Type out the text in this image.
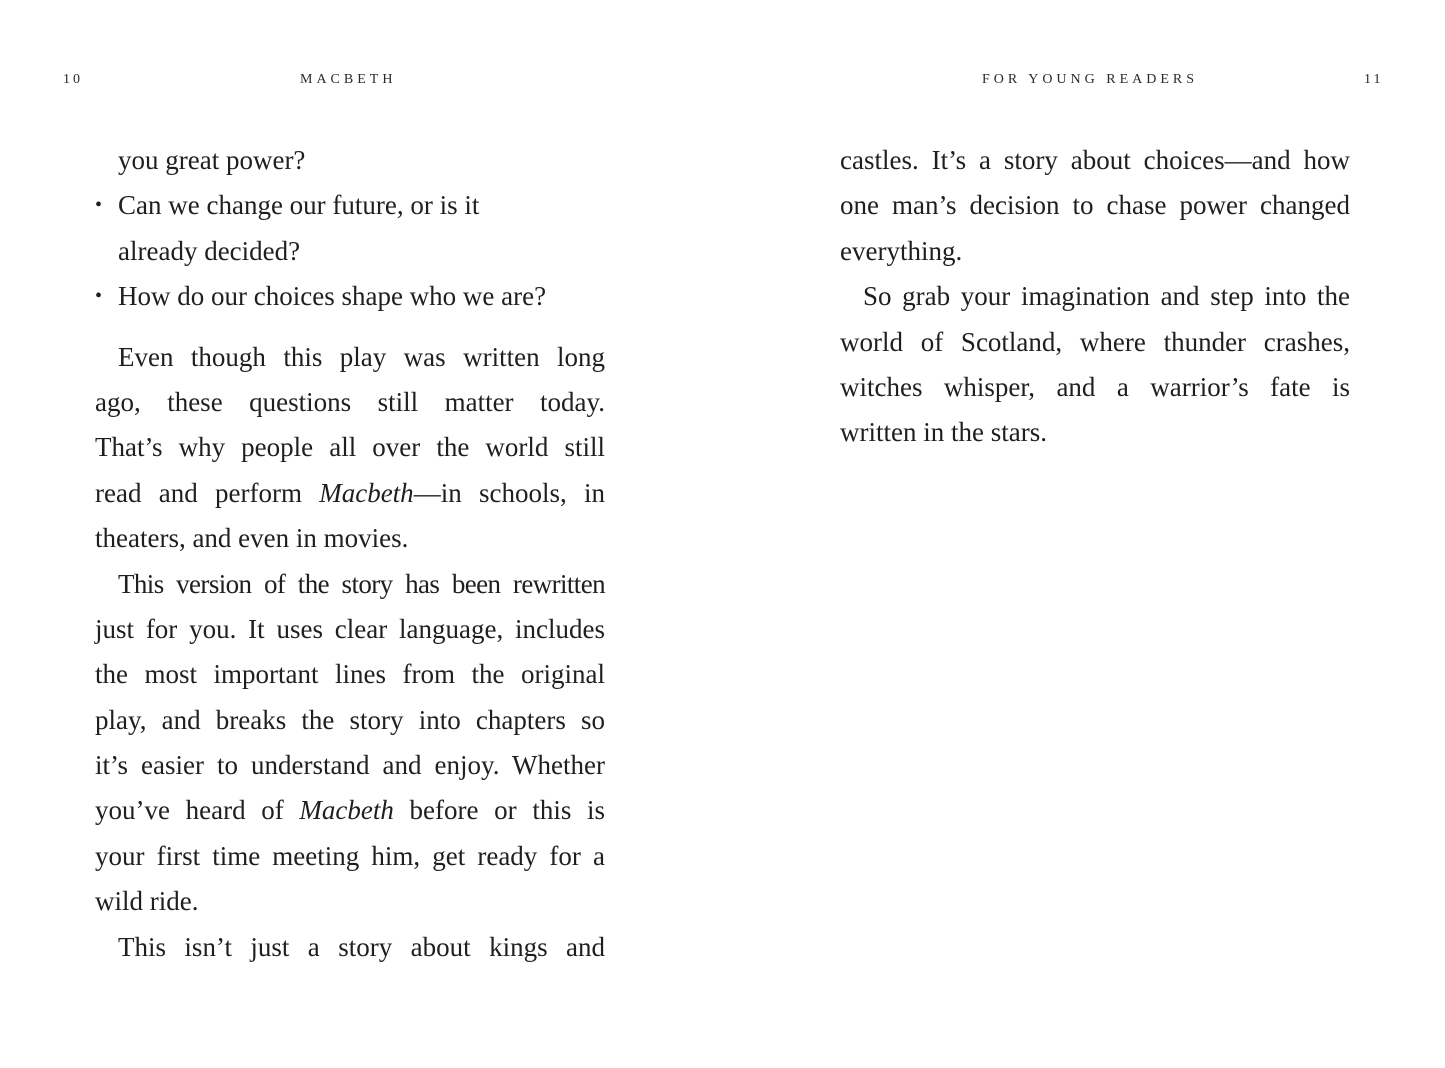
10	MACBETH
you great power?
• Can we change our future, or is it
already decided?
• How do our choices shape who we are?
Even though this play was written long
ago, these questions still matter today.
That’s why people all over the world still
read and perform Macbeth—in schools, in
theaters, and even in movies.
This version of the story has been rewritten
just for you. It uses clear language, includes
the most important lines from the original
play, and breaks the story into chapters so
it’s easier to understand and enjoy. Whether
you’ve heard of Macbeth before or this is
your first time meeting him, get ready for a
wild ride.
This isn’t just a story about kings and
FOR YOUNG READERS	11
castles. It’s a story about choices—and how
one man’s decision to chase power changed
everything.
So grab your imagination and step into the
world of Scotland, where thunder crashes,
witches whisper, and a warrior’s fate is
written in the stars.
